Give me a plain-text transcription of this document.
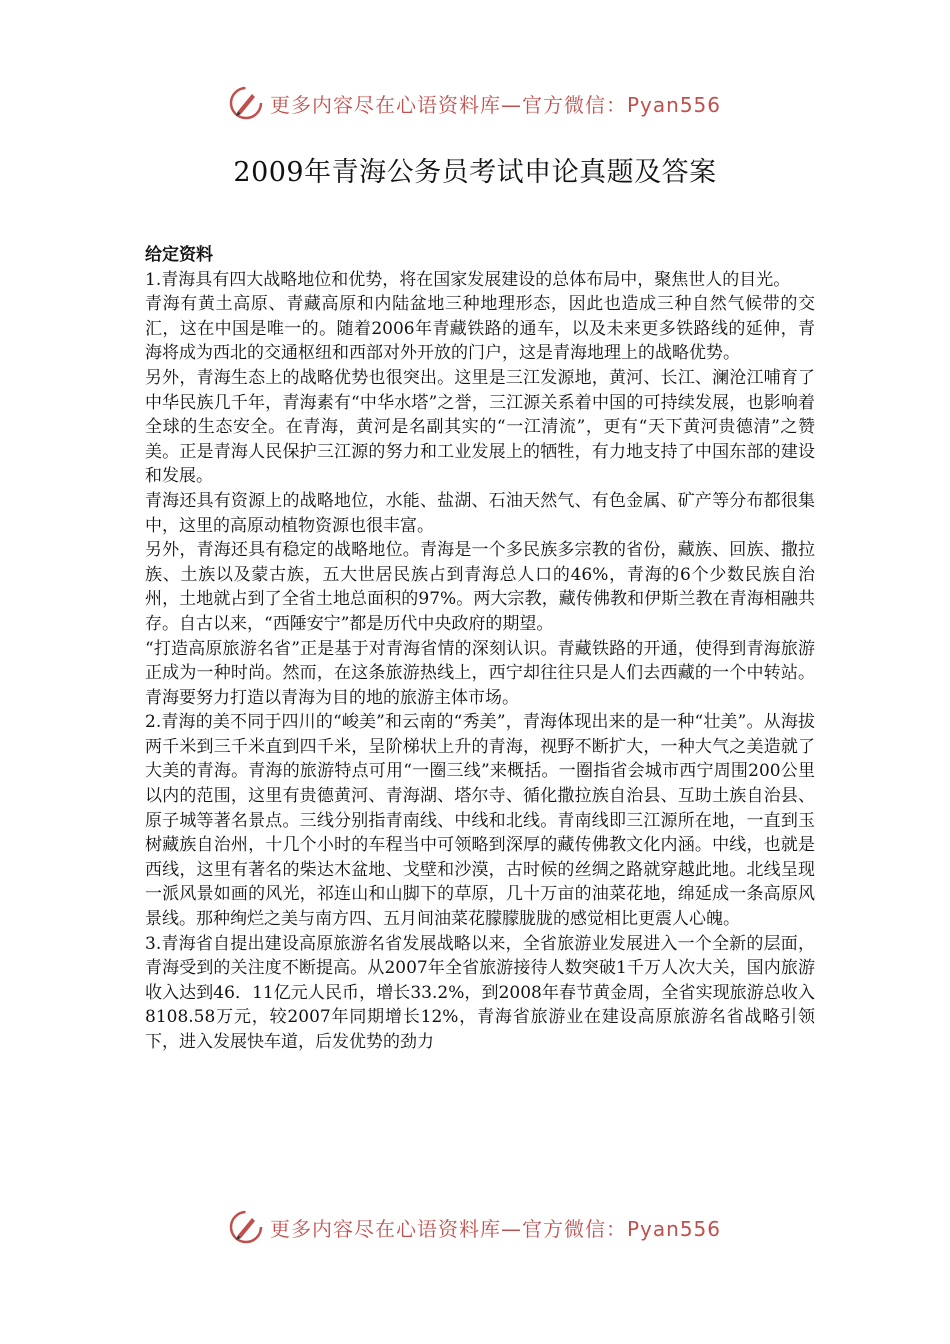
更多内容尽在心语资料库—官方微信：Pyan556
2009年青海公务员考试申论真题及答案

给定资料

1.青海具有四大战略地位和优势，将在国家发展建设的总体布局中，聚焦世人的目光。

青海有黄土高原、青藏高原和内陆盆地三种地理形态，因此也造成三种自然气候带的交汇，这在中国是唯一的。随着2006年青藏铁路的通车，以及未来更多铁路线的延伸，青海将成为西北的交通枢纽和西部对外开放的门户，这是青海地理上的战略优势。

另外，青海生态上的战略优势也很突出。这里是三江发源地，黄河、长江、澜沧江哺育了中华民族几千年，青海素有“中华水塔”之誉，三江源关系着中国的可持续发展，也影响着全球的生态安全。在青海，黄河是名副其实的“一江清流”，更有“天下黄河贵德清”之赞美。正是青海人民保护三江源的努力和工业发展上的牺牲，有力地支持了中国东部的建设和发展。

青海还具有资源上的战略地位，水能、盐湖、石油天然气、有色金属、矿产等分布都很集中，这里的高原动植物资源也很丰富。

另外，青海还具有稳定的战略地位。青海是一个多民族多宗教的省份，藏族、回族、撒拉族、土族以及蒙古族，五大世居民族占到青海总人口的46%，青海的6个少数民族自治州，土地就占到了全省土地总面积的97%。两大宗教，藏传佛教和伊斯兰教在青海相融共存。自古以来，“西陲安宁”都是历代中央政府的期望。

“打造高原旅游名省”正是基于对青海省情的深刻认识。青藏铁路的开通，使得到青海旅游正成为一种时尚。然而，在这条旅游热线上，西宁却往往只是人们去西藏的一个中转站。青海要努力打造以青海为目的地的旅游主体市场。

2.青海的美不同于四川的“峻美”和云南的“秀美”，青海体现出来的是一种“壮美”。从海拔两千米到三千米直到四千米，呈阶梯状上升的青海，视野不断扩大，一种大气之美造就了大美的青海。青海的旅游特点可用“一圈三线”来概括。一圈指省会城市西宁周围200公里以内的范围，这里有贵德黄河、青海湖、塔尔寺、循化撒拉族自治县、互助土族自治县、原子城等著名景点。三线分别指青南线、中线和北线。青南线即三江源所在地，一直到玉树藏族自治州，十几个小时的车程当中可领略到深厚的藏传佛教文化内涵。中线，也就是西线，这里有著名的柴达木盆地、戈壁和沙漠，古时候的丝绸之路就穿越此地。北线呈现一派风景如画的风光，祁连山和山脚下的草原，几十万亩的油菜花地，绵延成一条高原风景线。那种绚烂之美与南方四、五月间油菜花朦朦胧胧的感觉相比更震人心魄。

3.青海省自提出建设高原旅游名省发展战略以来，全省旅游业发展进入一个全新的层面，青海受到的关注度不断提高。从2007年全省旅游接待人数突破1千万人次大关，国内旅游收入达到46．11亿元人民币，增长33.2%，到2008年春节黄金周，全省实现旅游总收入8108.58万元，较2007年同期增长12%，青海省旅游业在建设高原旅游名省战略引领下，进入发展快车道，后发优势的劲力

更多内容尽在心语资料库—官方微信：Pyan556
